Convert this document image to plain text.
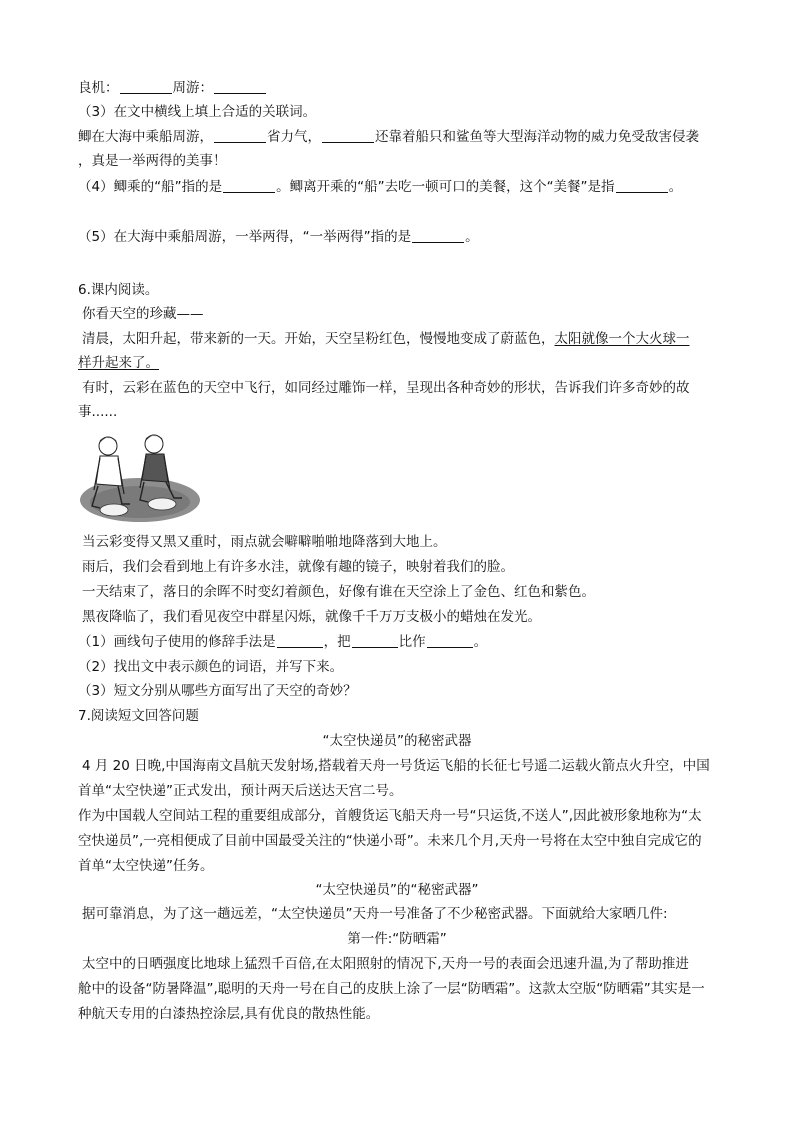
良机：	周游：
（3）在文中横线上填上合适的关联词。
鲫在大海中乘船周游，	省力气，	还靠着船只和鲨鱼等大型海洋动物的威力免受敌害侵袭
，真是一举两得的美事！
（4）鲫乘的“船”指的是	。鲫离开乘的“船”去吃一顿可口的美餐，这个“美餐”是指	。
（5）在大海中乘船周游，一举两得，“一举两得”指的是	。
6.课内阅读。
你看天空的珍藏——
清晨，太阳升起，带来新的一天。开始，天空呈粉红色，慢慢地变成了蔚蓝色，太阳就像一个大火球一
样升起来了。
有时，云彩在蓝色的天空中飞行，如同经过雕饰一样，呈现出各种奇妙的形状，告诉我们许多奇妙的故
事......
当云彩变得又黑又重时，雨点就会噼噼啪啪地降落到大地上。
雨后，我们会看到地上有许多水洼，就像有趣的镜子，映射着我们的脸。
一天结束了，落日的余晖不时变幻着颜色，好像有谁在天空涂上了金色、红色和紫色。
黑夜降临了，我们看见夜空中群星闪烁，就像千千万万支极小的蜡烛在发光。
（1）画线句子使用的修辞手法是	，把	比作	。
（2）找出文中表示颜色的词语，并写下来。
（3）短文分别从哪些方面写出了天空的奇妙？
7.阅读短文回答问题
“太空快递员”的秘密武器
4 月 20 日晚,中国海南文昌航天发射场,搭载着天舟一号货运飞船的长征七号遥二运载火箭点火升空，中国
首单“太空快递”正式发出，预计两天后送达天宫二号。
作为中国载人空间站工程的重要组成部分，首艘货运飞船天舟一号“只运货,不送人”,因此被形象地称为“太
空快递员”,一亮相便成了目前中国最受关注的“快递小哥”。未来几个月,天舟一号将在太空中独自完成它的
首单“太空快递”任务。
“太空快递员”的“秘密武器”
据可靠消息，为了这一趟远差，“太空快递员”天舟一号准备了不少秘密武器。下面就给大家晒几件:
第一件:“防晒霜”
太空中的日晒强度比地球上猛烈千百倍,在太阳照射的情况下,天舟一号的表面会迅速升温,为了帮助推进
舱中的设备“防暑降温”,聪明的天舟一号在自己的皮肤上涂了一层“防晒霜”。这款太空版“防晒霜”其实是一
种航天专用的白漆热控涂层,具有优良的散热性能。
